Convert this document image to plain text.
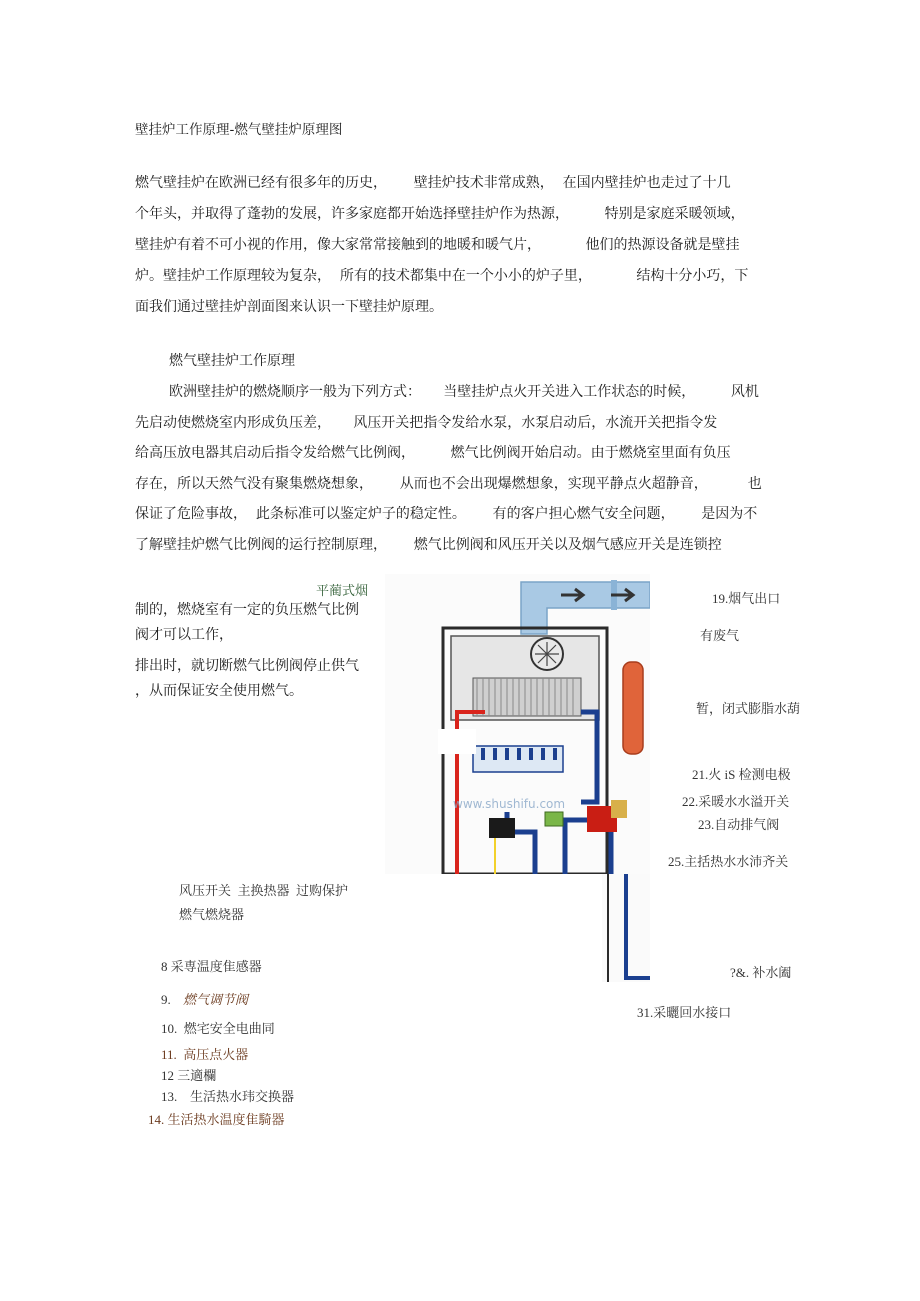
壁挂炉工作原理-燃气壁挂炉原理图
燃气壁挂炉在欧洲已经有很多年的历史，      壁挂炉技术非常成熟，  在国内壁挂炉也走过了十几
个年头，并取得了蓬勃的发展，许多家庭都开始选择壁挂炉作为热源，        特别是家庭采暖领域，
壁挂炉有着不可小视的作用，像大家常常接触到的地暖和暖气片，          他们的热源设备就是壁挂
炉。壁挂炉工作原理较为复杂，  所有的技术都集中在一个小小的炉子里，          结构十分小巧，下
面我们通过壁挂炉剖面图来认识一下壁挂炉原理。
燃气壁挂炉工作原理
欧洲壁挂炉的燃烧顺序一般为下列方式：     当壁挂炉点火开关进入工作状态的时候，        风机
先启动使燃烧室内形成负压差，     风压开关把指令发给水泵，水泵启动后，水流开关把指令发
给高压放电器其启动后指令发给燃气比例阀，        燃气比例阀开始启动。由于燃烧室里面有负压
存在，所以天然气没有聚集燃烧想象，      从而也不会出现爆燃想象，实现平静点火超静音，         也
保证了危险事故，  此条标准可以鉴定炉子的稳定性。      有的客户担心燃气安全问题，      是因为不
了解壁挂炉燃气比例阀的运行控制原理，      燃气比例阀和风压开关以及烟气感应开关是连锁控
制的，燃烧室有一定的负压燃气比例
阀才可以工作，
排出时，就切断燃气比例阀停止供气
，从而保证安全使用燃气。
平蔺式烟
www.shushifu.com
19.烟气出口
有废气
暂，闭式膨脂水葫
21.火 iS 检测电极
22.采暖水水溢开关
23.自动排气阀
25.主括热水水沛齐关
?&. 补水阖
31.采曬回水接口
风压开关  主换热器  过购保护
燃气燃烧器
8 采専温度隹感器
9. 燃气调节阀
10.  燃宅安全电曲同
11.  高压点火器
12 三適欄
13. 生活热水玮交换器
14. 生活热水温度隹騎器
